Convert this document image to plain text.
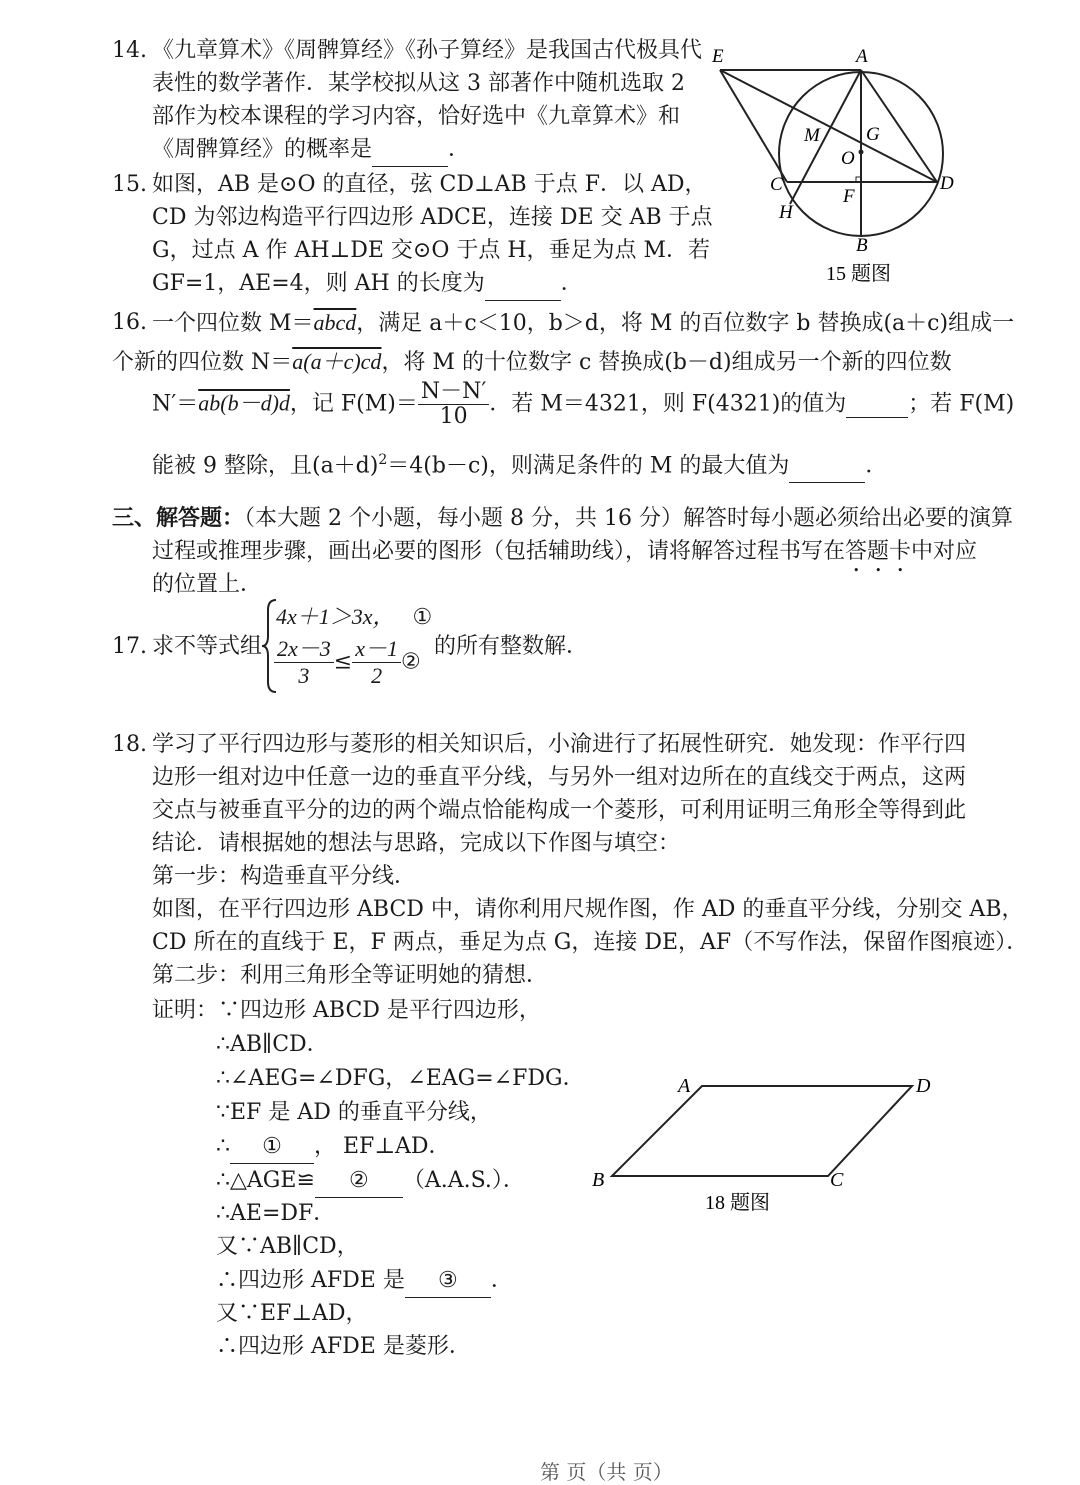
14. 《九章算术》《周髀算经》《孙子算经》是我国古代极具代
表性的数学著作．某学校拟从这 3 部著作中随机选取 2
部作为校本课程的学习内容，恰好选中《九章算术》和
《周髀算经》的概率是	．
15. 如图，AB 是⊙O 的直径，弦 CD⊥AB 于点 F．以 AD，
CD 为邻边构造平行四边形 ADCE，连接 DE 交 AB 于点
G，过点 A 作 AH⊥DE 交⊙O 于点 H，垂足为点 M．若
GF=1，AE=4，则 AH 的长度为	．
E	A
M G
O
C	D
F
H
B
15 题图
16. 一个四位数 M＝abcd，满足 a＋c＜10，b＞d，将 M 的百位数字 b 替换成(a＋c)组成一
个新的四位数 N＝a(a＋c)cd，将 M 的十位数字 c 替换成(b－d)组成另一个新的四位数
N′＝ab(b－d)d，记 $F(M)= \frac{N-N'}{10}$ ．若 M＝4321，则 F(4321)的值为	；若 F(M)
能被 9 整除，且$(a+d)^2=4(b-c)$，则满足条件的 M 的最大值为	．
三、解答题：（本大题 2 个小题，每小题 8 分，共 16 分）解答时每小题必须给出必要的演算
过程或推理步骤，画出必要的图形（包括辅助线），请将解答过程书写在答题卡中对应
的位置上．
17. 求不等式组
4x＋1＞3x， ①
$\frac{2x-3}{3} \le \frac{x-1}{2}$ ②
的所有整数解．
18. 学习了平行四边形与菱形的相关知识后，小渝进行了拓展性研究．她发现：作平行四
边形一组对边中任意一边的垂直平分线，与另外一组对边所在的直线交于两点，这两
交点与被垂直平分的边的两个端点恰能构成一个菱形，可利用证明三角形全等得到此
结论．请根据她的想法与思路，完成以下作图与填空：
第一步：构造垂直平分线．
如图，在平行四边形 ABCD 中，请你利用尺规作图，作 AD 的垂直平分线，分别交 AB，
CD 所在的直线于 E，F 两点，垂足为点 G，连接 DE，AF（不写作法，保留作图痕迹）．
第二步：利用三角形全等证明她的猜想．
证明：∵四边形 ABCD 是平行四边形，
∴AB∥CD．
∴∠AEG=∠DFG，∠EAG=∠FDG．
∵EF 是 AD 的垂直平分线，
∴ ① ， EF⊥AD．
∴△AGE≌ ② （A.A.S.）．
∴AE=DF．
又∵AB∥CD，
∴四边形 AFDE 是 ③ ．
又∵EF⊥AD，
∴四边形 AFDE 是菱形．
A	D
B	C
18 题图
第 页（共 页）
